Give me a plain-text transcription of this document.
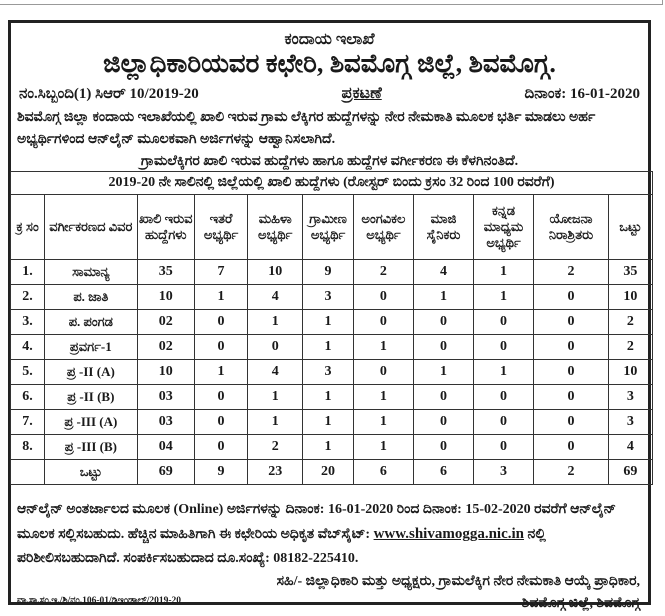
ಕಂದಾಯ ಇಲಾಖೆ
ಜಿಲ್ಲಾಧಿಕಾರಿಯವರ ಕಛೇರಿ, ಶಿವಮೊಗ್ಗ ಜಿಲ್ಲೆ, ಶಿವಮೊಗ್ಗ.
ನಂ.ಸಿಬ್ಬಂದಿ(1) ಸಿಆರ್ 10/2019-20	ಪ್ರಕಟಣೆ	ದಿನಾಂಕ: 16-01-2020
ಶಿವಮೊಗ್ಗ ಜಿಲ್ಲಾ ಕಂದಾಯ ಇಲಾಖೆಯಲ್ಲಿ ಖಾಲಿ ಇರುವ ಗ್ರಾಮ ಲೆಕ್ಕಿಗರ ಹುದ್ದೆಗಳನ್ನು ನೇರ ನೇಮಕಾತಿ ಮೂಲಕ ಭರ್ತಿ ಮಾಡಲು ಅರ್ಹ ಅಭ್ಯರ್ಥಿಗಳಿಂದ ಆನ್‌ಲೈನ್ ಮೂಲಕವಾಗಿ ಅರ್ಜಿಗಳನ್ನು ಆಹ್ವಾನಿಸಲಾಗಿದೆ.
ಗ್ರಾಮಲೆಕ್ಕಿಗರ ಖಾಲಿ ಇರುವ ಹುದ್ದೆಗಳು ಹಾಗೂ ಹುದ್ದೆಗಳ ವರ್ಗೀಕರಣ ಈ ಕೆಳಗಿನಂತಿದೆ.
2019-20 ನೇ ಸಾಲಿನಲ್ಲಿ ಜಿಲ್ಲೆಯಲ್ಲಿ ಖಾಲಿ ಹುದ್ದೆಗಳು (ರೋಸ್ಟರ್ ಬಿಂದು ಕ್ರಸಂ 32 ರಿಂದ 100 ರವರೆಗೆ)										
ಕ್ರ ಸಂ	ವರ್ಗೀಕರಣದ ವಿವರ	ಖಾಲಿ ಇರುವ ಹುದ್ದೆಗಳು	ಇತರೆ ಅಭ್ಯರ್ಥಿ	ಮಹಿಳಾ ಅಭ್ಯರ್ಥಿ	ಗ್ರಾಮೀಣ ಅಭ್ಯರ್ಥಿ	ಅಂಗವಿಕಲ ಅಭ್ಯರ್ಥಿ	ಮಾಜಿ ಸೈನಿಕರು	ಕನ್ನಡ ಮಾಧ್ಯಮ ಅಭ್ಯರ್ಥಿ	ಯೋಜನಾ ನಿರಾಶ್ರಿತರು	ಒಟ್ಟು
1.	ಸಾಮಾನ್ಯ	35	7	10	9	2	4	1	2	35
2.	ಪ. ಜಾತಿ	10	1	4	3	0	1	1	0	10
3.	ಪ. ಪಂಗಡ	02	0	1	1	0	0	0	0	2
4.	ಪ್ರವರ್ಗ-1	02	0	0	1	1	0	0	0	2
5.	ಪ್ರ -II (A)	10	1	4	3	0	1	1	0	10
6.	ಪ್ರ -II (B)	03	0	1	1	1	0	0	0	3
7.	ಪ್ರ -III (A)	03	0	1	1	1	0	0	0	3
8.	ಪ್ರ -III (B)	04	0	2	1	1	0	0	0	4
	ಒಟ್ಟು	69	9	23	20	6	6	3	2	69
ಆನ್‌ಲೈನ್ ಅಂತರ್ಜಾಲದ ಮೂಲಕ (Online) ಅರ್ಜಿಗಳನ್ನು ದಿನಾಂಕ: 16-01-2020 ರಿಂದ ದಿನಾಂಕ: 15-02-2020 ರವರೆಗೆ ಆನ್‌ಲೈನ್ ಮೂಲಕ ಸಲ್ಲಿಸಬಹುದು. ಹೆಚ್ಚಿನ ಮಾಹಿತಿಗಾಗಿ ಈ ಕಛೇರಿಯ ಅಧಿಕೃತ ವೆಬ್‌ಸೈಟ್: www.shivamogga.nic.in ನಲ್ಲಿ ಪರಿಶೀಲಿಸಬಹುದಾಗಿದೆ. ಸಂಪರ್ಕಿಸಬಹುದಾದ ದೂ.ಸಂಖ್ಯೆ: 08182-225410.
ಸಹಿ/- ಜಿಲ್ಲಾಧಿಕಾರಿ ಮತ್ತು ಅಧ್ಯಕ್ಷರು, ಗ್ರಾಮಲೆಕ್ಕಿಗ ನೇರ ನೇಮಕಾತಿ ಆಯ್ಕೆ ಪ್ರಾಧಿಕಾರ,
ಶಿವಮೊಗ್ಗ ಜಿಲ್ಲೆ, ಶಿವಮೊಗ್ಗ
ವಾ.ಸಾ.ಸಂ.ಇ./ಶಿ/ನಂ.106-01/ಡಿಇಂಡಾಲ್/2019-20
